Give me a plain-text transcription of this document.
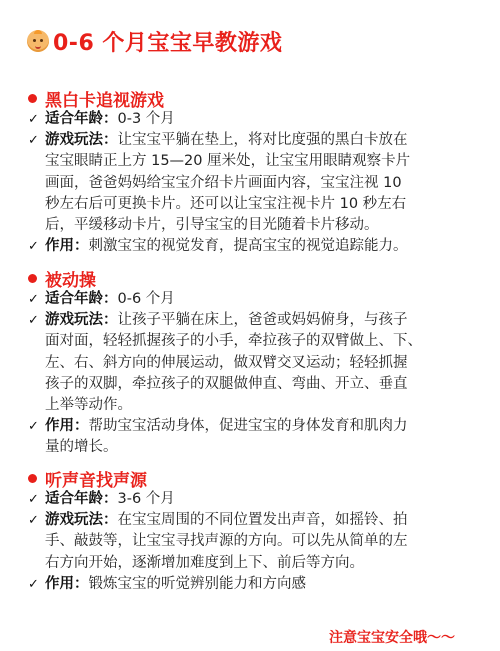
0-6 个月宝宝早教游戏
黑白卡追视游戏
✓ 适合年龄：0-3 个月
✓ 游戏玩法：让宝宝平躺在垫上，将对比度强的黑白卡放在
宝宝眼睛正上方 15—20 厘米处，让宝宝用眼睛观察卡片
画面，爸爸妈妈给宝宝介绍卡片画面内容，宝宝注视 10
秒左右后可更换卡片。还可以让宝宝注视卡片 10 秒左右
后，平缓移动卡片，引导宝宝的目光随着卡片移动。
✓ 作用：刺激宝宝的视觉发育，提高宝宝的视觉追踪能力。
被动操
✓ 适合年龄：0-6 个月
✓ 游戏玩法：让孩子平躺在床上，爸爸或妈妈俯身，与孩子
面对面，轻轻抓握孩子的小手，牵拉孩子的双臂做上、下、
左、右、斜方向的伸展运动，做双臂交叉运动；轻轻抓握
孩子的双脚，牵拉孩子的双腿做伸直、弯曲、开立、垂直
上举等动作。
✓ 作用：帮助宝宝活动身体，促进宝宝的身体发育和肌肉力
量的增长。
听声音找声源
✓ 适合年龄：3-6 个月
✓ 游戏玩法：在宝宝周围的不同位置发出声音，如摇铃、拍
手、敲鼓等，让宝宝寻找声源的方向。可以先从简单的左
右方向开始，逐渐增加难度到上下、前后等方向。
✓ 作用：锻炼宝宝的听觉辨别能力和方向感
注意宝宝安全哦～～
